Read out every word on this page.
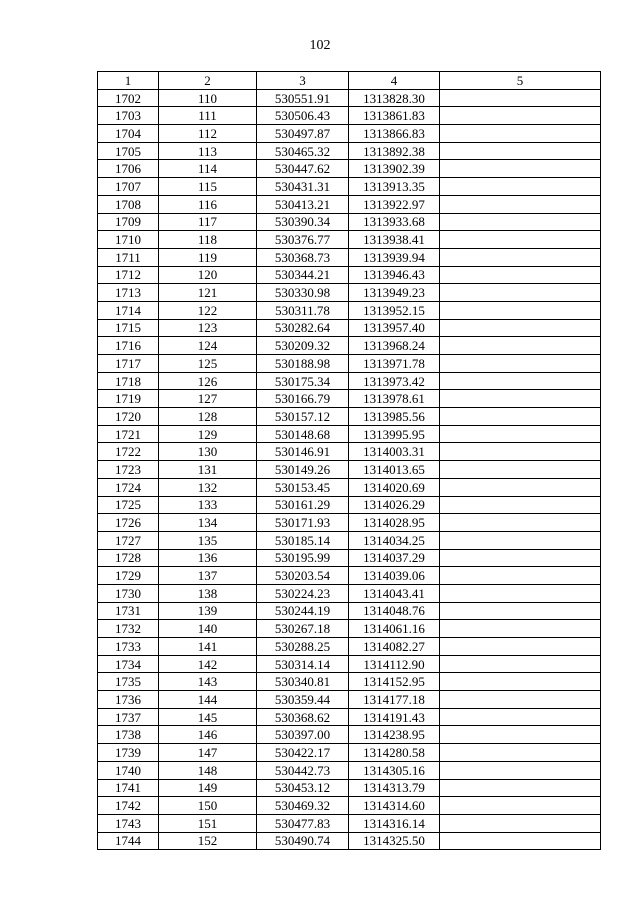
102
1	2	3	4	5
1702	110	530551.91	1313828.30	
1703	111	530506.43	1313861.83	
1704	112	530497.87	1313866.83	
1705	113	530465.32	1313892.38	
1706	114	530447.62	1313902.39	
1707	115	530431.31	1313913.35	
1708	116	530413.21	1313922.97	
1709	117	530390.34	1313933.68	
1710	118	530376.77	1313938.41	
1711	119	530368.73	1313939.94	
1712	120	530344.21	1313946.43	
1713	121	530330.98	1313949.23	
1714	122	530311.78	1313952.15	
1715	123	530282.64	1313957.40	
1716	124	530209.32	1313968.24	
1717	125	530188.98	1313971.78	
1718	126	530175.34	1313973.42	
1719	127	530166.79	1313978.61	
1720	128	530157.12	1313985.56	
1721	129	530148.68	1313995.95	
1722	130	530146.91	1314003.31	
1723	131	530149.26	1314013.65	
1724	132	530153.45	1314020.69	
1725	133	530161.29	1314026.29	
1726	134	530171.93	1314028.95	
1727	135	530185.14	1314034.25	
1728	136	530195.99	1314037.29	
1729	137	530203.54	1314039.06	
1730	138	530224.23	1314043.41	
1731	139	530244.19	1314048.76	
1732	140	530267.18	1314061.16	
1733	141	530288.25	1314082.27	
1734	142	530314.14	1314112.90	
1735	143	530340.81	1314152.95	
1736	144	530359.44	1314177.18	
1737	145	530368.62	1314191.43	
1738	146	530397.00	1314238.95	
1739	147	530422.17	1314280.58	
1740	148	530442.73	1314305.16	
1741	149	530453.12	1314313.79	
1742	150	530469.32	1314314.60	
1743	151	530477.83	1314316.14	
1744	152	530490.74	1314325.50	
